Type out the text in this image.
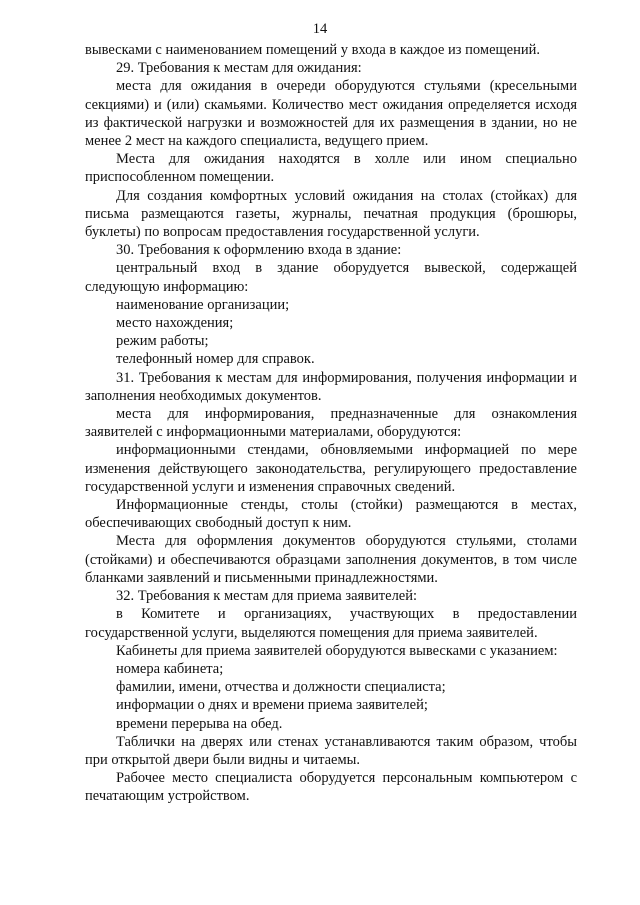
14

вывесками с наименованием помещений у входа в каждое из помещений.

29. Требования к местам для ожидания:

места для ожидания в очереди оборудуются стульями (кресельными секциями) и (или) скамьями. Количество мест ожидания определяется исходя из фактической нагрузки и возможностей для их размещения в здании, но не менее 2 мест на каждого специалиста, ведущего прием.

Места для ожидания находятся в холле или ином специально приспособленном помещении.

Для создания комфортных условий ожидания на столах (стойках) для письма размещаются газеты, журналы, печатная продукция (брошюры, буклеты) по вопросам предоставления государственной услуги.

30. Требования к оформлению входа в здание:

центральный вход в здание оборудуется вывеской, содержащей следующую информацию:

наименование организации;

место нахождения;

режим работы;

телефонный номер для справок.

31. Требования к местам для информирования, получения информации и заполнения необходимых документов.

места для информирования, предназначенные для ознакомления заявителей с информационными материалами, оборудуются:

информационными стендами, обновляемыми информацией по мере изменения действующего законодательства, регулирующего предоставление государственной услуги и изменения справочных сведений.

Информационные стенды, столы (стойки) размещаются в местах, обеспечивающих свободный доступ к ним.

Места для оформления документов оборудуются стульями, столами (стойками) и обеспечиваются образцами заполнения документов, в том числе бланками заявлений и письменными принадлежностями.

32. Требования к местам для приема заявителей:

в Комитете и организациях, участвующих в предоставлении государственной услуги, выделяются помещения для приема заявителей.

Кабинеты для приема заявителей оборудуются вывесками с указанием:

номера кабинета;

фамилии, имени, отчества и должности специалиста;

информации о днях и времени приема заявителей;

времени перерыва на обед.

Таблички на дверях или стенах устанавливаются таким образом, чтобы при открытой двери были видны и читаемы.

Рабочее место специалиста оборудуется персональным компьютером с печатающим устройством.
